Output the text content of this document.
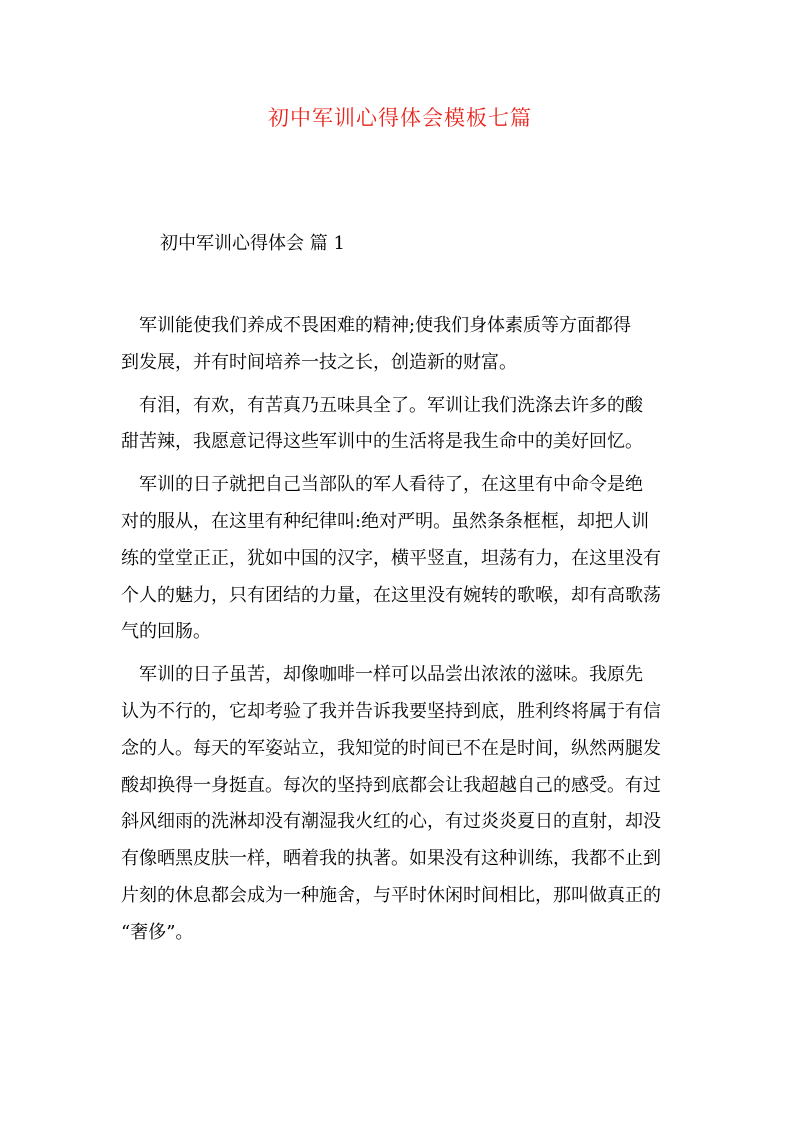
初中军训心得体会模板七篇
初中军训心得体会 篇 1

军训能使我们养成不畏困难的精神;使我们身体素质等方面都得
到发展，并有时间培养一技之长，创造新的财富。

有泪，有欢，有苦真乃五味具全了。军训让我们洗涤去许多的酸
甜苦辣，我愿意记得这些军训中的生活将是我生命中的美好回忆。

军训的日子就把自己当部队的军人看待了，在这里有中命令是绝
对的服从，在这里有种纪律叫:绝对严明。虽然条条框框，却把人训
练的堂堂正正，犹如中国的汉字，横平竖直，坦荡有力，在这里没有
个人的魅力，只有团结的力量，在这里没有婉转的歌喉，却有高歌荡
气的回肠。

军训的日子虽苦，却像咖啡一样可以品尝出浓浓的滋味。我原先
认为不行的，它却考验了我并告诉我要坚持到底，胜利终将属于有信
念的人。每天的军姿站立，我知觉的时间已不在是时间，纵然两腿发
酸却换得一身挺直。每次的坚持到底都会让我超越自己的感受。有过
斜风细雨的洗淋却没有潮湿我火红的心，有过炎炎夏日的直射，却没
有像晒黑皮肤一样，晒着我的执著。如果没有这种训练，我都不止到
片刻的休息都会成为一种施舍，与平时休闲时间相比，那叫做真正的
“奢侈”。
